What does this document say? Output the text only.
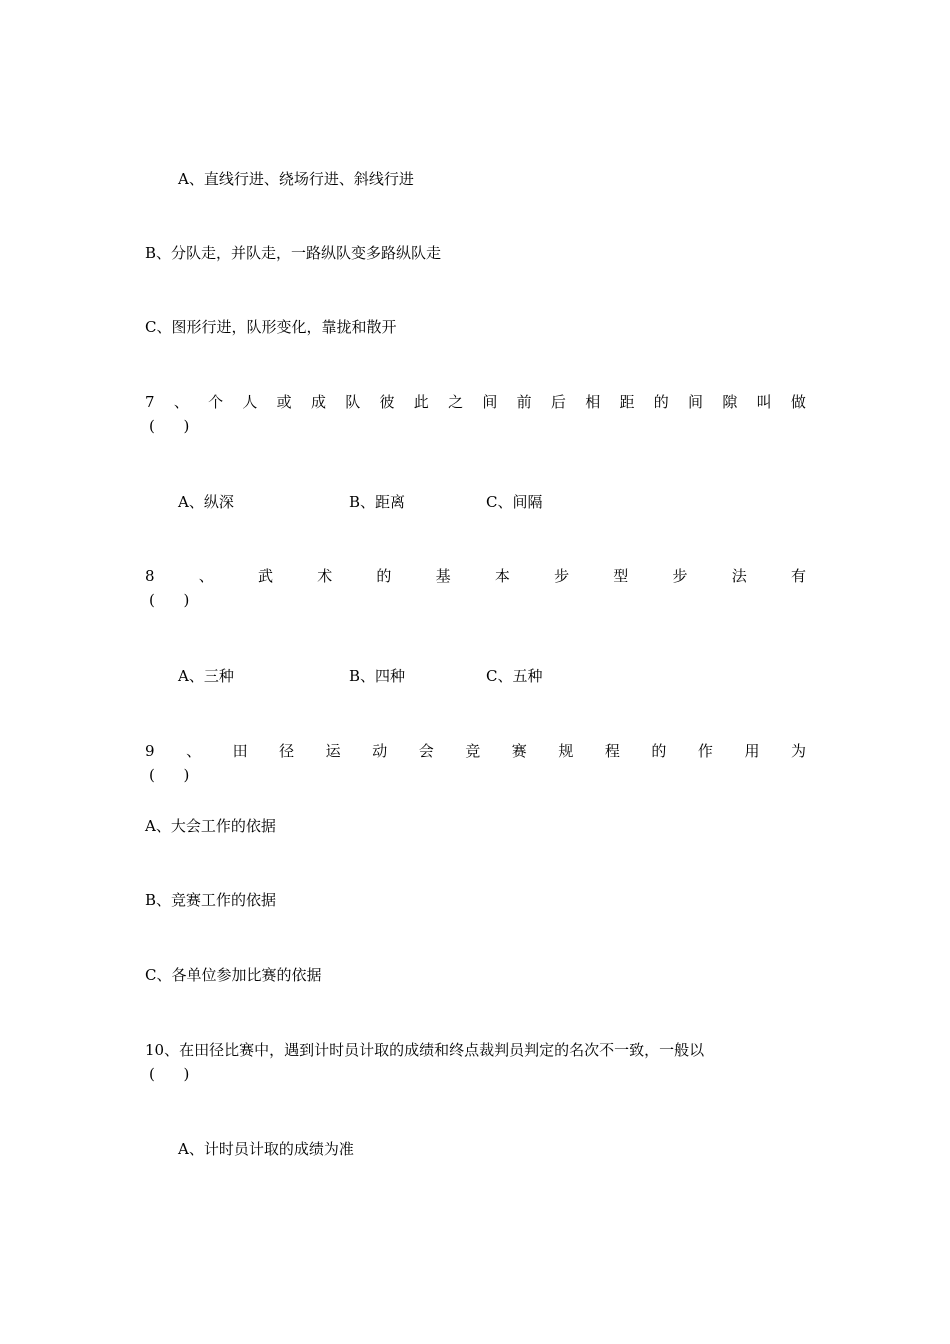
A、直线行进、绕场行进、斜线行进
B、分队走，并队走，一路纵队变多路纵队走
C、图形行进，队形变化，靠拢和散开
7 、 个 人 或 成 队 彼 此 之 间 前 后 相 距 的 间 隙 叫 做
(      )
A、纵深	B、距离	C、间隔
8	、	武	术	的	基	本	步	型	步	法	有
(      )
A、三种	B、四种	C、五种
9 、 田 径 运 动 会 竞 赛 规 程 的 作 用 为
(      )
A、大会工作的依据
B、竞赛工作的依据
C、各单位参加比赛的依据
10、在田径比赛中，遇到计时员计取的成绩和终点裁判员判定的名次不一致，一般以
(      )
A、计时员计取的成绩为准
